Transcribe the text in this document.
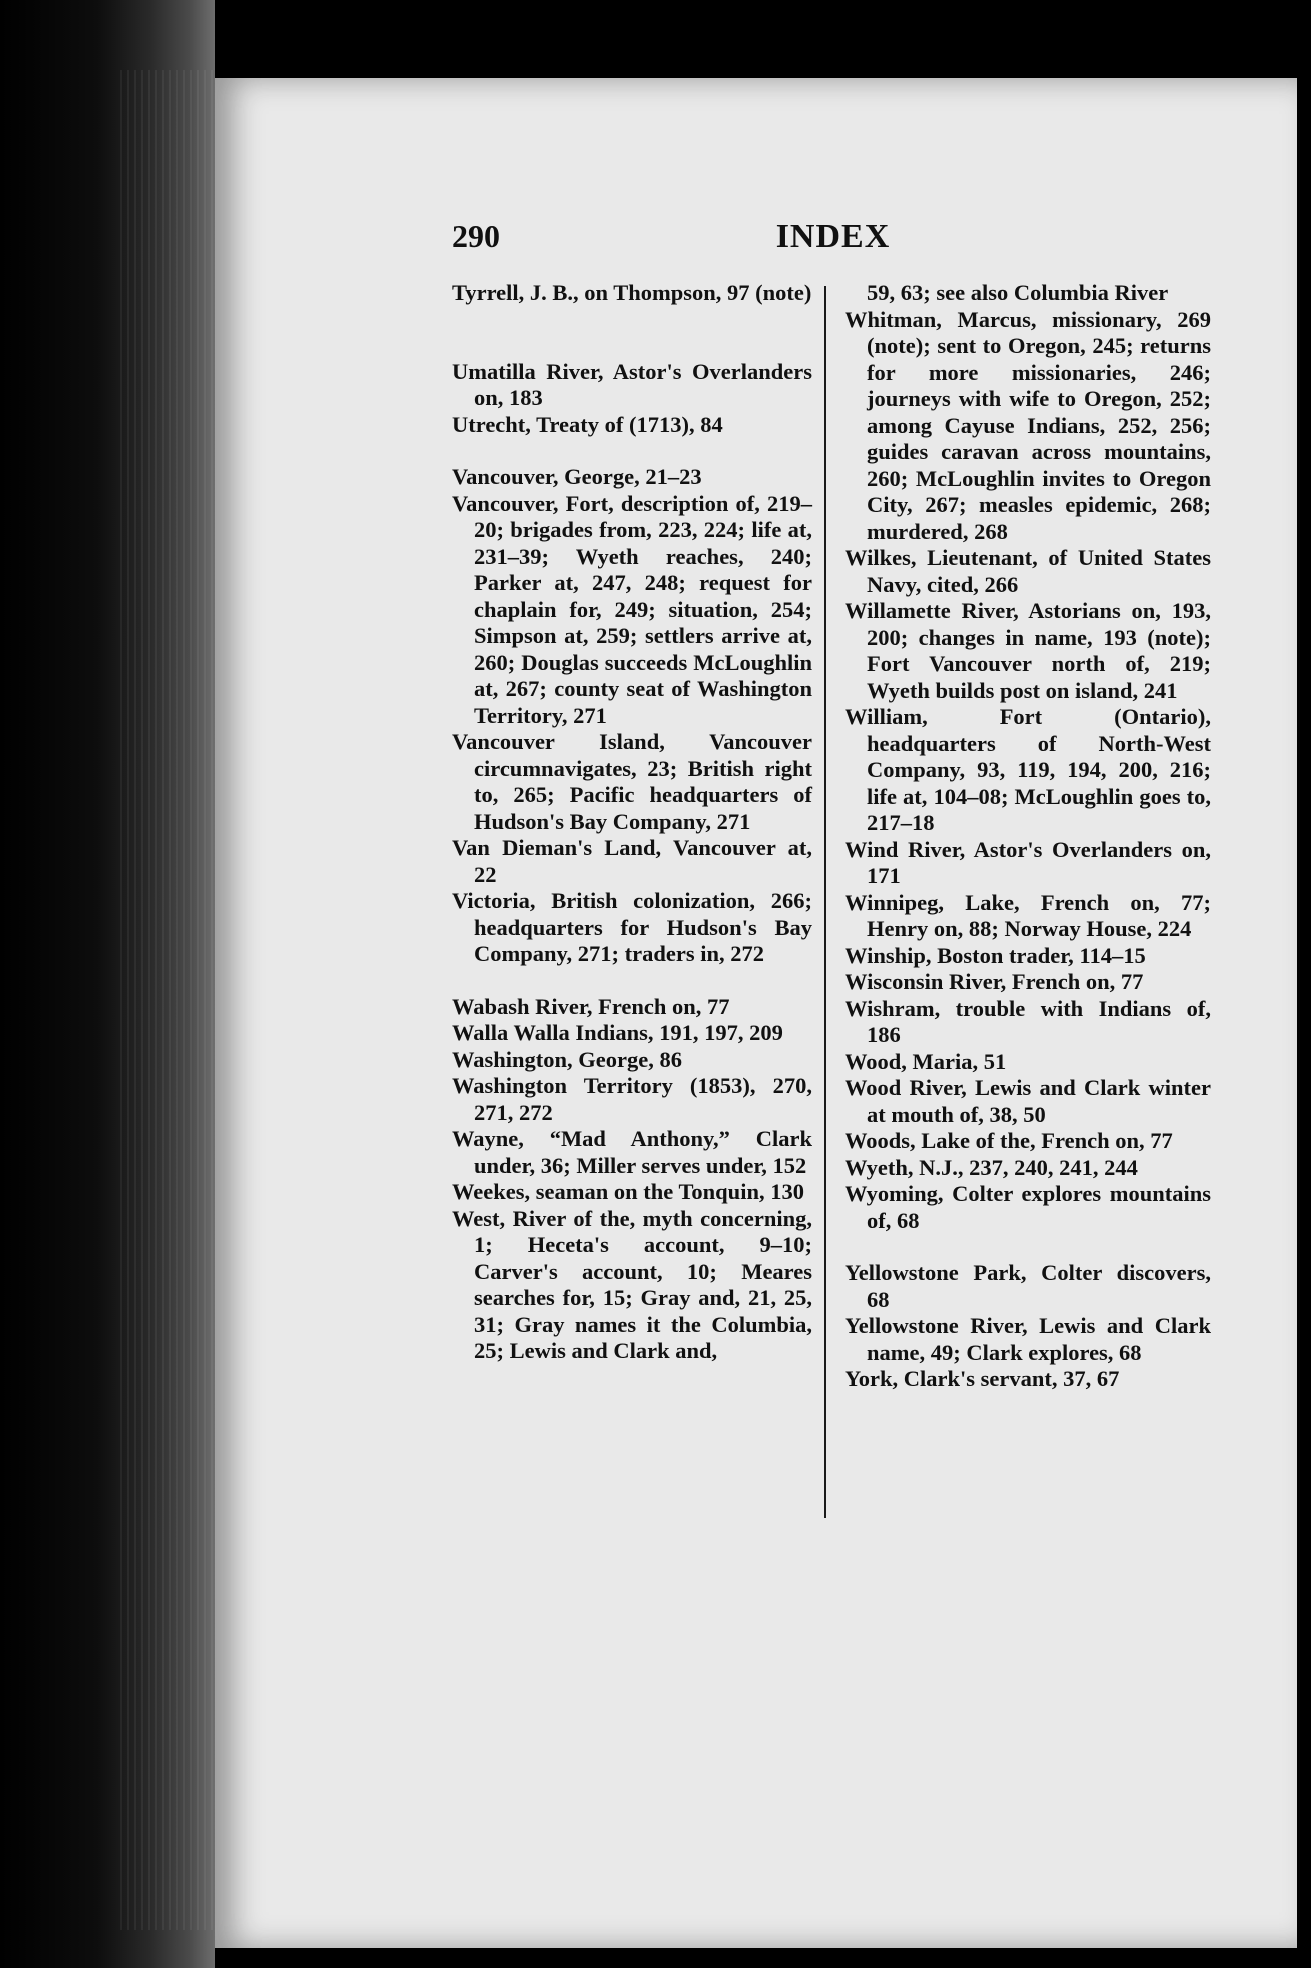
290	INDEX

Tyrrell, J. B., on Thompson, 97 (note)

Umatilla River, Astor's Overlanders on, 183

Utrecht, Treaty of (1713), 84

Vancouver, George, 21–23

Vancouver, Fort, description of, 219–20; brigades from, 223, 224; life at, 231–39; Wyeth reaches, 240; Parker at, 247, 248; request for chaplain for, 249; situation, 254; Simpson at, 259; settlers arrive at, 260; Douglas succeeds McLoughlin at, 267; county seat of Washington Territory, 271

Vancouver Island, Vancouver circumnavigates, 23; British right to, 265; Pacific headquarters of Hudson's Bay Company, 271

Van Dieman's Land, Vancouver at, 22

Victoria, British colonization, 266; headquarters for Hudson's Bay Company, 271; traders in, 272

Wabash River, French on, 77

Walla Walla Indians, 191, 197, 209

Washington, George, 86

Washington Territory (1853), 270, 271, 272

Wayne, “Mad Anthony,” Clark under, 36; Miller serves under, 152

Weekes, seaman on the Tonquin, 130

West, River of the, myth concerning, 1; Heceta's account, 9–10; Carver's account, 10; Meares searches for, 15; Gray and, 21, 25, 31; Gray names it the Columbia, 25; Lewis and Clark and,

59, 63; see also Columbia River

Whitman, Marcus, missionary, 269 (note); sent to Oregon, 245; returns for more missionaries, 246; journeys with wife to Oregon, 252; among Cayuse Indians, 252, 256; guides caravan across mountains, 260; McLoughlin invites to Oregon City, 267; measles epidemic, 268; murdered, 268

Wilkes, Lieutenant, of United States Navy, cited, 266

Willamette River, Astorians on, 193, 200; changes in name, 193 (note); Fort Vancouver north of, 219; Wyeth builds post on island, 241

William, Fort (Ontario), headquarters of North-West Company, 93, 119, 194, 200, 216; life at, 104–08; McLoughlin goes to, 217–18

Wind River, Astor's Overlanders on, 171

Winnipeg, Lake, French on, 77; Henry on, 88; Norway House, 224

Winship, Boston trader, 114–15

Wisconsin River, French on, 77

Wishram, trouble with Indians of, 186

Wood, Maria, 51

Wood River, Lewis and Clark winter at mouth of, 38, 50

Woods, Lake of the, French on, 77

Wyeth, N.J., 237, 240, 241, 244

Wyoming, Colter explores mountains of, 68

Yellowstone Park, Colter discovers, 68

Yellowstone River, Lewis and Clark name, 49; Clark explores, 68

York, Clark's servant, 37, 67
